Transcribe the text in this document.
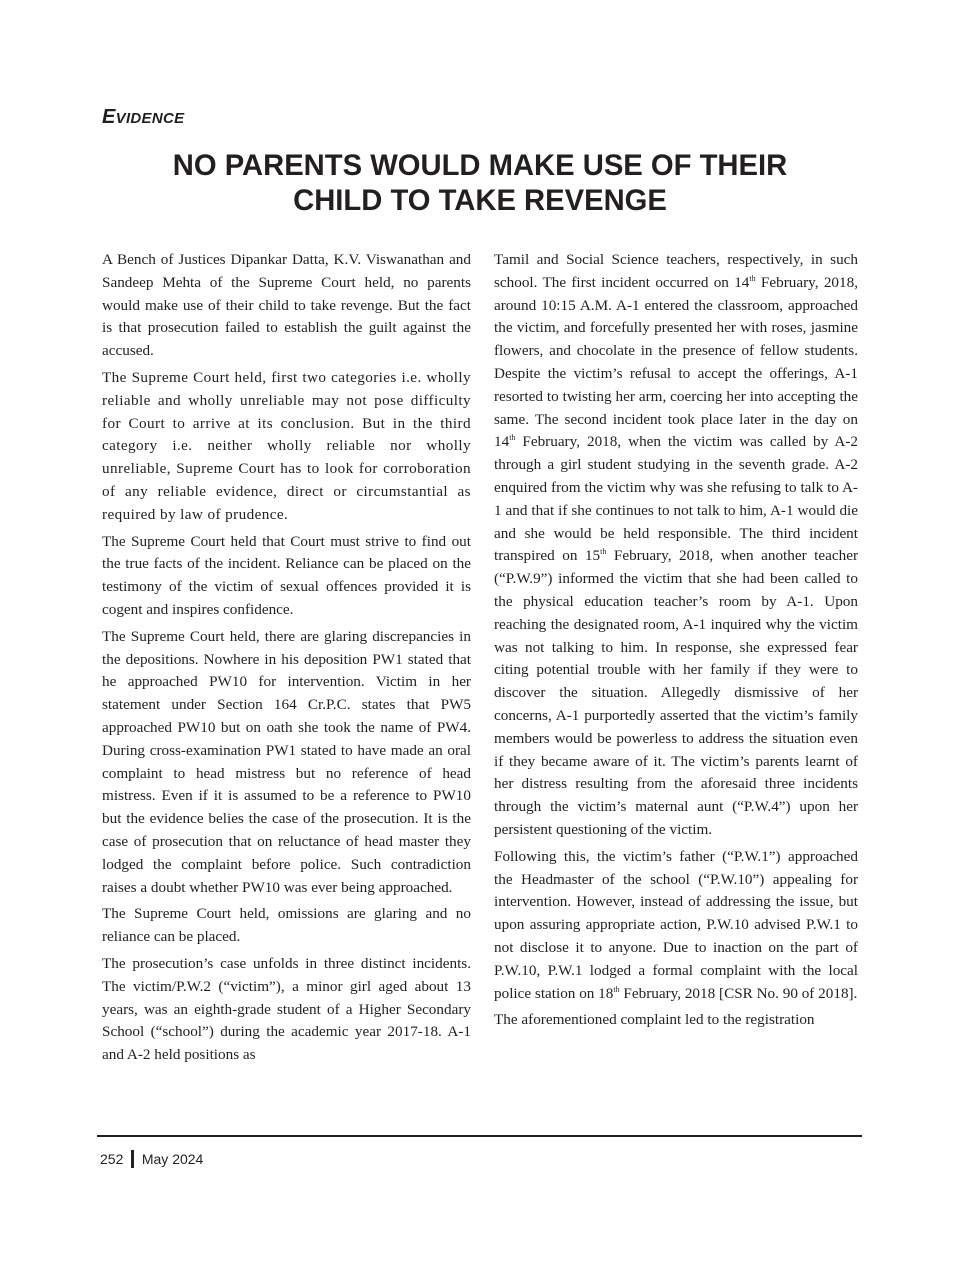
EVIDENCE
NO PARENTS WOULD MAKE USE OF THEIR
CHILD TO TAKE REVENGE

A Bench of Justices Dipankar Datta, K.V. Viswanathan and Sandeep Mehta of the Supreme Court held, no parents would make use of their child to take revenge. But the fact is that prosecution failed to establish the guilt against the accused.

The Supreme Court held, first two categories i.e. wholly reliable and wholly unreliable may not pose difficulty for Court to arrive at its conclusion. But in the third category i.e. neither wholly reliable nor wholly unreliable, Supreme Court has to look for corroboration of any reliable evidence, direct or circumstantial as required by law of prudence.

The Supreme Court held that Court must strive to find out the true facts of the incident. Reliance can be placed on the testimony of the victim of sexual offences provided it is cogent and inspires confidence.

The Supreme Court held, there are glaring discrepancies in the depositions. Nowhere in his deposition PW1 stated that he approached PW10 for intervention. Victim in her statement under Section 164 Cr.P.C. states that PW5 approached PW10 but on oath she took the name of PW4. During cross-examination PW1 stated to have made an oral complaint to head mistress but no reference of head mistress. Even if it is assumed to be a reference to PW10 but the evidence belies the case of the prosecution. It is the case of prosecution that on reluctance of head master they lodged the complaint before police. Such contradiction raises a doubt whether PW10 was ever being approached.

The Supreme Court held, omissions are glaring and no reliance can be placed.

The prosecution’s case unfolds in three distinct incidents. The victim/P.W.2 (“victim”), a minor girl aged about 13 years, was an eighth-grade student of a Higher Secondary School (“school”) during the academic year 2017-18. A-1 and A-2 held positions as

Tamil and Social Science teachers, respectively, in such school. The first incident occurred on 14th February, 2018, around 10:15 A.M. A-1 entered the classroom, approached the victim, and forcefully presented her with roses, jasmine flowers, and chocolate in the presence of fellow students. Despite the victim’s refusal to accept the offerings, A-1 resorted to twisting her arm, coercing her into accepting the same. The second incident took place later in the day on 14th February, 2018, when the victim was called by A-2 through a girl student studying in the seventh grade. A-2 enquired from the victim why was she refusing to talk to A-1 and that if she continues to not talk to him, A-1 would die and she would be held responsible. The third incident transpired on 15th February, 2018, when another teacher (“P.W.9”) informed the victim that she had been called to the physical education teacher’s room by A-1. Upon reaching the designated room, A-1 inquired why the victim was not talking to him. In response, she expressed fear citing potential trouble with her family if they were to discover the situation. Allegedly dismissive of her concerns, A-1 purportedly asserted that the victim’s family members would be powerless to address the situation even if they became aware of it. The victim’s parents learnt of her distress resulting from the aforesaid three incidents through the victim’s maternal aunt (“P.W.4”) upon her persistent questioning of the victim.

Following this, the victim’s father (“P.W.1”) approached the Headmaster of the school (“P.W.10”) appealing for intervention. However, instead of addressing the issue, but upon assuring appropriate action, P.W.10 advised P.W.1 to not disclose it to anyone. Due to inaction on the part of P.W.10, P.W.1 lodged a formal complaint with the local police station on 18th February, 2018 [CSR No. 90 of 2018].

The aforementioned complaint led to the registration

252 May 2024
